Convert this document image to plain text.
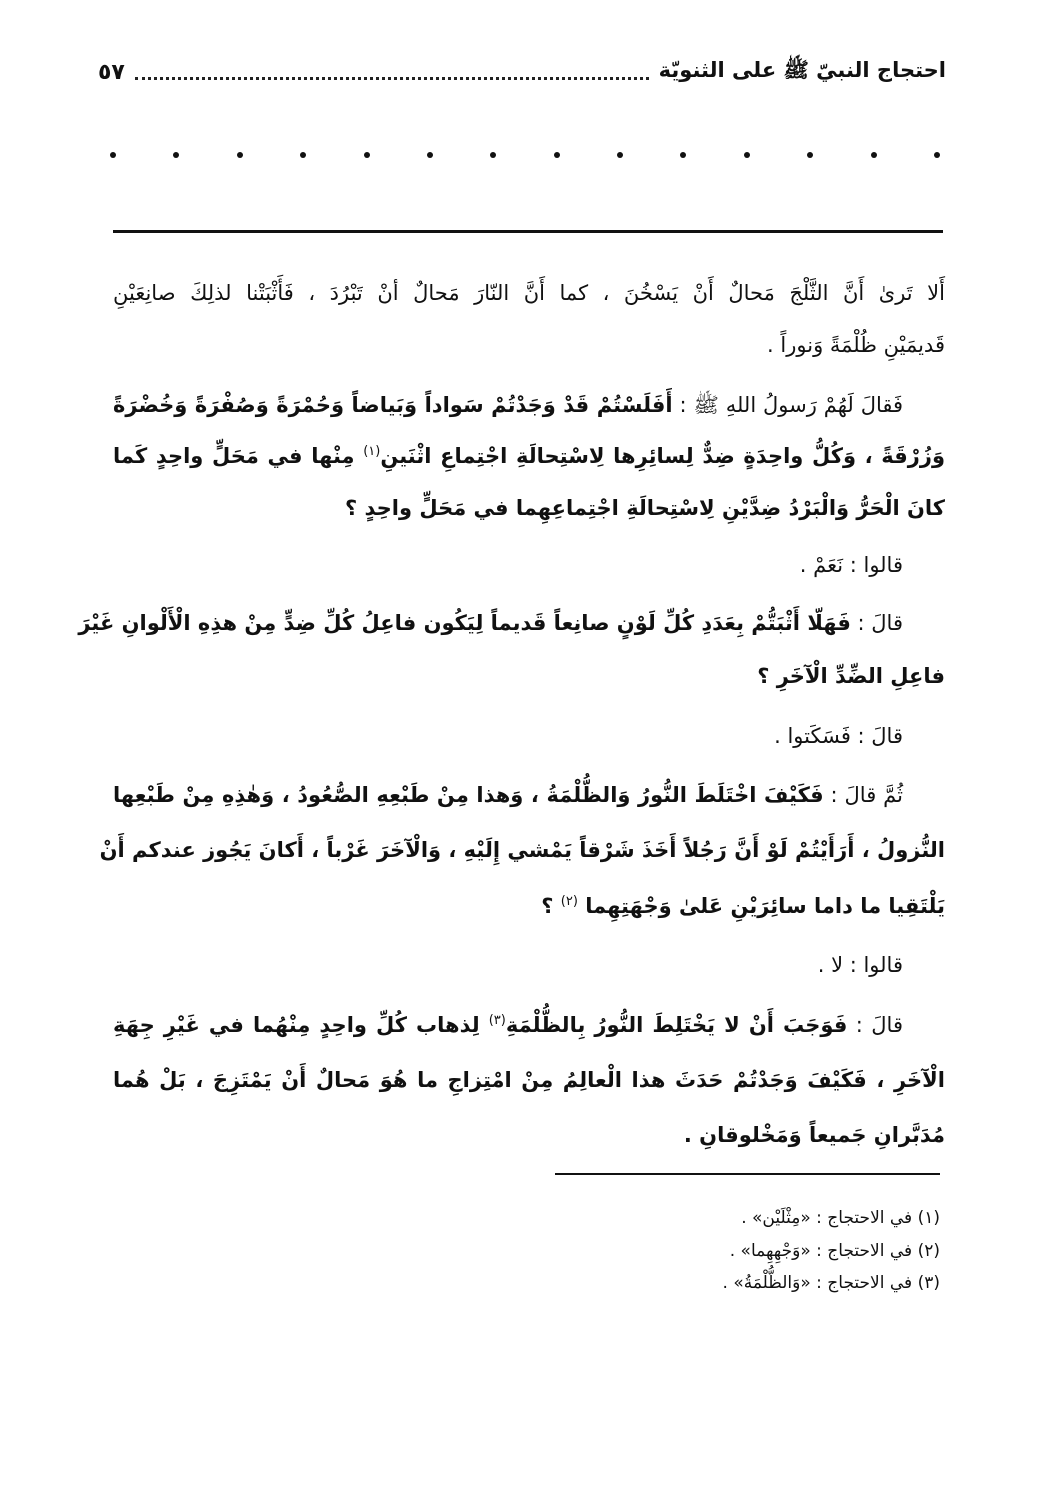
احتجاج النبيّ ﷺ على الثنويّة
٥٧
أَلا تَرىٰ أَنَّ الثَّلْجَ مَحالٌ أَنْ يَسْخُنَ ، كما أَنَّ النّارَ مَحالٌ أنْ تَبْرُدَ ، فَأَثْبَتْنا لذلِكَ صانِعَيْنِ
قَديمَيْنِ ظُلْمَةً وَنوراً .
فَقالَ لَهُمْ رَسولُ اللهِ ﷺ : أَفَلَسْتُمْ قَدْ وَجَدْتُمْ سَواداً وَبَياضاً وَحُمْرَةً وَصُفْرَةً وَخُضْرَةً
وَزُرْقَةً ، وَكُلُّ واحِدَةٍ ضِدٌّ لِسائِرِها لِاسْتِحالَةِ اجْتِماعِ اثْنَينِ$^{(١)}$ مِنْها في مَحَلٍّ واحِدٍ كَما
كانَ الْحَرُّ وَالْبَرْدُ ضِدَّيْنِ لِاسْتِحالَةِ اجْتِماعِهِما في مَحَلٍّ واحِدٍ ؟
قالوا : نَعَمْ .
قالَ : فَهَلّا أَثْبَتُّمْ بِعَدَدِ كُلِّ لَوْنٍ صانِعاً قَديماً لِيَكُون فاعِلُ كُلِّ ضِدٍّ مِنْ هذِهِ الْأَلْوانِ غَيْرَ
فاعِلِ الضِّدِّ الْآخَرِ ؟
قالَ : فَسَكَتوا .
ثُمَّ قالَ : فَكَيْفَ اخْتَلَطَ النُّورُ وَالظُّلْمَةُ ، وَهذا مِنْ طَبْعِهِ الصُّعُودُ ، وَهٰذِهِ مِنْ طَبْعِها
النُّزولُ ، أَرَأَيْتُمْ لَوْ أَنَّ رَجُلاً أَخَذَ شَرْقاً يَمْشي إِلَيْهِ ، وَالْآخَرَ غَرْباً ، أَكانَ يَجُوز عندكم أَنْ
يَلْتَقِيا ما داما سائِرَيْنِ عَلىٰ وَجْهَتِهِما $^{(٢)}$ ؟
قالوا : لا .
قالَ : فَوَجَبَ أَنْ لا يَخْتَلِطَ النُّورُ بِالظُّلْمَةِ$^{(٣)}$ لِذهاب كُلِّ واحِدٍ مِنْهُما في غَيْرِ جِهَةِ
الْآخَرِ ، فَكَيْفَ وَجَدْتُمْ حَدَثَ هذا الْعالِمُ مِنْ امْتِزاجِ ما هُوَ مَحالٌ أَنْ يَمْتَزِجَ ، بَلْ هُما
مُدَبَّرانِ جَميعاً وَمَخْلوقانِ .
(١) في الاحتجاج : «مِثْلَيْن» .
(٢) في الاحتجاج : «وَجْهِهِما» .
(٣) في الاحتجاج : «وَالظُّلْمَةُ» .
